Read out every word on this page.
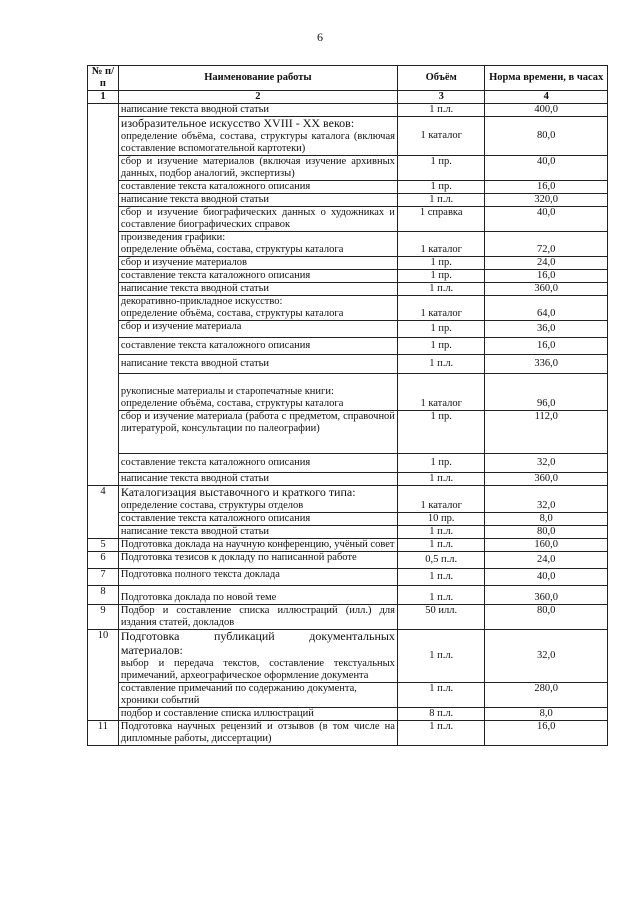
6
№ п/п	Наименование работы	Объём	Норма времени, в часах
1	2	3	4
	написание текста вводной статьи	1 п.л.	400,0
	изобразительное искусство XVIII - XX веков:
определение объёма, состава, структуры каталога (включая составление вспомогательной картотеки)	1 каталог	80,0
	сбор и изучение материалов (включая изучение архивных данных, подбор аналогий, экспертизы)	1 пр.	40,0
	составление текста каталожного описания	1 пр.	16,0
	написание текста вводной статьи	1 п.л.	320,0
	сбор и изучение биографических данных о художниках и составление биографических справок	1 справка	40,0
	произведения графики:
определение объёма, состава, структуры каталога	1 каталог	72,0
	сбор и изучение материалов	1 пр.	24,0
	составление текста каталожного описания	1 пр.	16,0
	написание текста вводной статьи	1 п.л.	360,0
	декоративно-прикладное искусство:
определение объёма, состава, структуры каталога	1 каталог	64,0
	сбор и изучение материала	1 пр.	36,0
	составление текста каталожного описания	1 пр.	16,0
	написание текста вводной статьи	1 п.л.	336,0

рукописные материалы и старопечатные книги:
определение объёма, состава, структуры каталога	1 каталог	96,0
	сбор и изучение материала (работа с предметом, справочной литературой, консультации по палеографии)	1 пр.	112,0
	составление текста каталожного описания	1 пр.	32,0
	написание текста вводной статьи	1 п.л.	360,0
4	Каталогизация выставочного и краткого типа:
определение состава, структуры отделов	1 каталог	32,0
	составление текста каталожного описания	10 пр.	8,0
	написание текста вводной статьи	1 п.л.	80,0
5	Подготовка доклада на научную конференцию, учёный совет	1 п.л.	160,0
6	Подготовка тезисов к докладу по написанной работе	0,5 п.л.	24,0
7	Подготовка полного текста доклада	1 п.л.	40,0
8	Подготовка доклада по новой теме	1 п.л.	360,0
9	Подбор и составление списка иллюстраций (илл.) для издания статей, докладов	50 илл.	80,0
10	Подготовка публикаций документальных материалов:
выбор и передача текстов, составление текстуальных примечаний, археографическое оформление документа	1 п.л.	32,0
	составление примечаний по содержанию документа, хроники событий	1 п.л.	280,0
	подбор и составление списка иллюстраций	8 п.л.	8,0
11	Подготовка научных рецензий и отзывов (в том числе на дипломные работы, диссертации)	1 п.л.	16,0
